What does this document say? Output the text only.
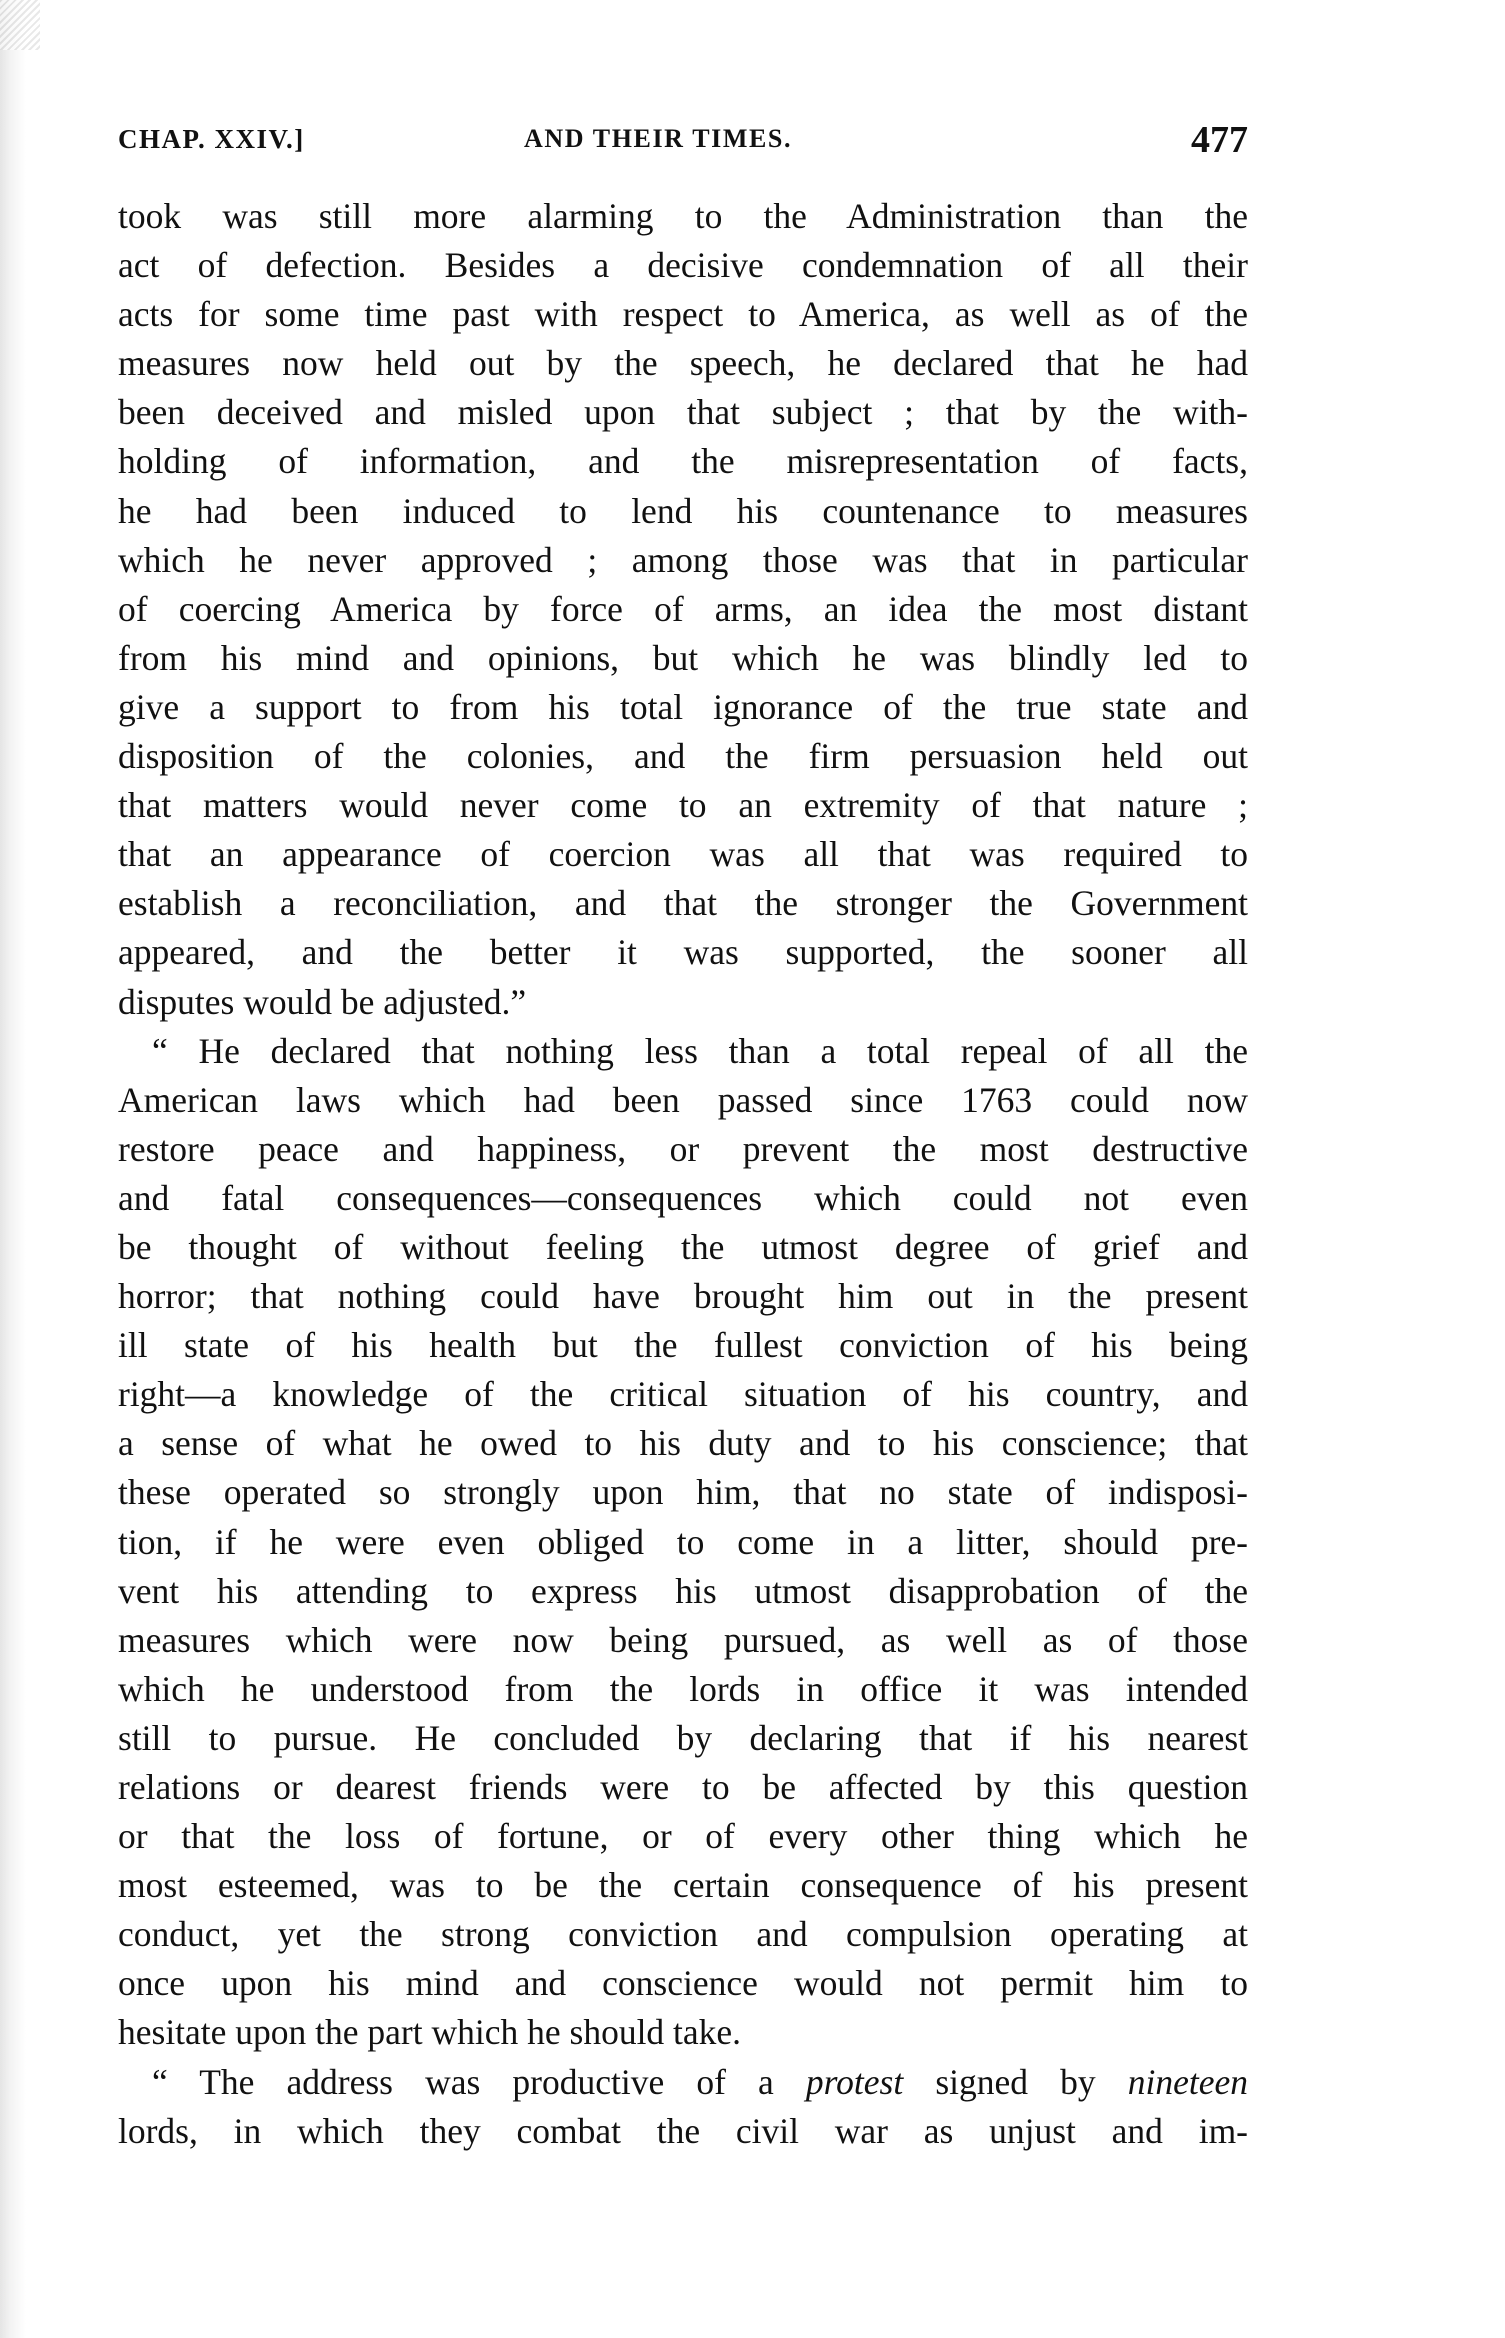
CHAP. XXIV.]	AND THEIR TIMES.	477
took was still more alarming to the Administration than the
act of defection. Besides a decisive condemnation of all their
acts for some time past with respect to America, as well as of the
measures now held out by the speech, he declared that he had
been deceived and misled upon that subject ; that by the with-
holding of information, and the misrepresentation of facts,
he had been induced to lend his countenance to measures
which he never approved ; among those was that in particular
of coercing America by force of arms, an idea the most distant
from his mind and opinions, but which he was blindly led to
give a support to from his total ignorance of the true state and
disposition of the colonies, and the firm persuasion held out
that matters would never come to an extremity of that nature ;
that an appearance of coercion was all that was required to
establish a reconciliation, and that the stronger the Government
appeared, and the better it was supported, the sooner all
disputes would be adjusted.”
“ He declared that nothing less than a total repeal of all the
American laws which had been passed since 1763 could now
restore peace and happiness, or prevent the most destructive
and fatal consequences—consequences which could not even
be thought of without feeling the utmost degree of grief and
horror; that nothing could have brought him out in the present
ill state of his health but the fullest conviction of his being
right—a knowledge of the critical situation of his country, and
a sense of what he owed to his duty and to his conscience; that
these operated so strongly upon him, that no state of indisposi-
tion, if he were even obliged to come in a litter, should pre-
vent his attending to express his utmost disapprobation of the
measures which were now being pursued, as well as of those
which he understood from the lords in office it was intended
still to pursue. He concluded by declaring that if his nearest
relations or dearest friends were to be affected by this question
or that the loss of fortune, or of every other thing which he
most esteemed, was to be the certain consequence of his present
conduct, yet the strong conviction and compulsion operating at
once upon his mind and conscience would not permit him to
hesitate upon the part which he should take.
“ The address was productive of a protest signed by nineteen
lords, in which they combat the civil war as unjust and im-
